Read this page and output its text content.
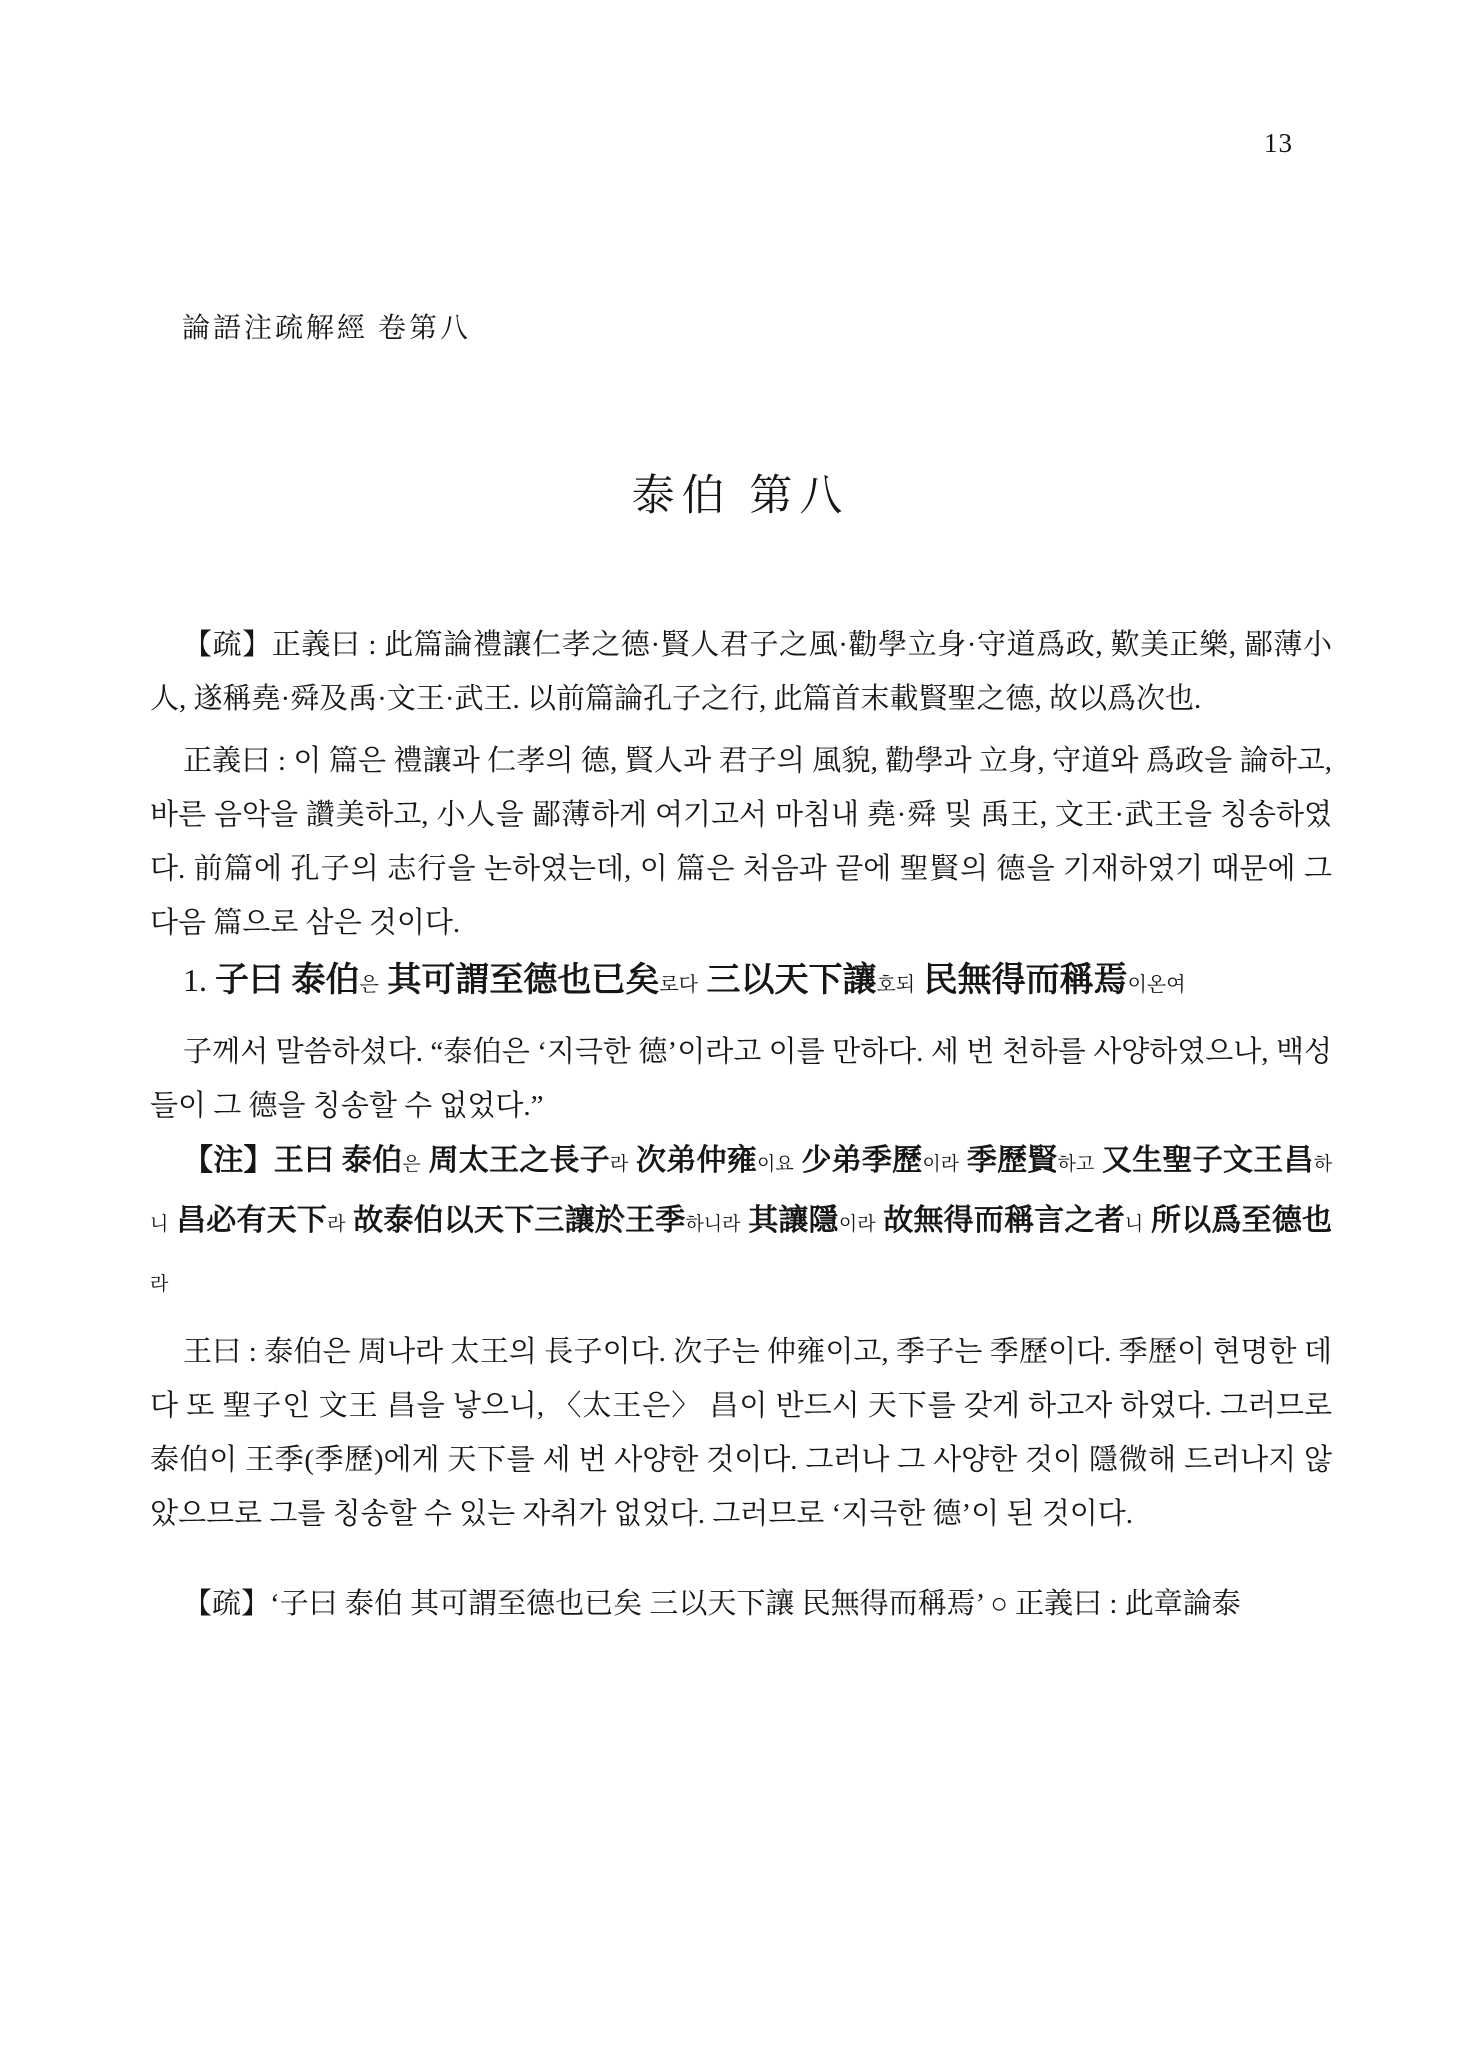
13
論語注疏解經 卷第八
泰伯 第八

【疏】正義曰 : 此篇論禮讓仁孝之德·賢人君子之風·勸學立身·守道爲政, 歎美正樂, 鄙薄小人, 遂稱堯·舜及禹·文王·武王. 以前篇論孔子之行, 此篇首末載賢聖之德, 故以爲次也.

正義曰 : 이 篇은 禮讓과 仁孝의 德, 賢人과 君子의 風貌, 勸學과 立身, 守道와 爲政을 論하고, 바른 음악을 讚美하고, 小人을 鄙薄하게 여기고서 마침내 堯·舜 및 禹王, 文王·武王을 칭송하였다. 前篇에 孔子의 志行을 논하였는데, 이 篇은 처음과 끝에 聖賢의 德을 기재하였기 때문에 그 다음 篇으로 삼은 것이다.

1. 子曰 泰伯은 其可謂至德也已矣로다 三以天下讓호되 民無得而稱焉이온여

子께서 말씀하셨다. “泰伯은 ‘지극한 德’이라고 이를 만하다. 세 번 천하를 사양하였으나, 백성들이 그 德을 칭송할 수 없었다.”

【注】王曰 泰伯은 周太王之長子라 次弟仲雍이요 少弟季歷이라 季歷賢하고 又生聖子文王昌하니 昌必有天下라 故泰伯以天下三讓於王季하니라 其讓隱이라 故無得而稱言之者니 所以爲至德也라

王曰 : 泰伯은 周나라 太王의 長子이다. 次子는 仲雍이고, 季子는 季歷이다. 季歷이 현명한 데다 또 聖子인 文王 昌을 낳으니, 〈太王은〉 昌이 반드시 天下를 갖게 하고자 하였다. 그러므로 泰伯이 王季(季歷)에게 天下를 세 번 사양한 것이다. 그러나 그 사양한 것이 隱微해 드러나지 않았으므로 그를 칭송할 수 있는 자취가 없었다. 그러므로 ‘지극한 德’이 된 것이다.

【疏】‘子曰 泰伯 其可謂至德也已矣 三以天下讓 民無得而稱焉’ ○ 正義曰 : 此章論泰
